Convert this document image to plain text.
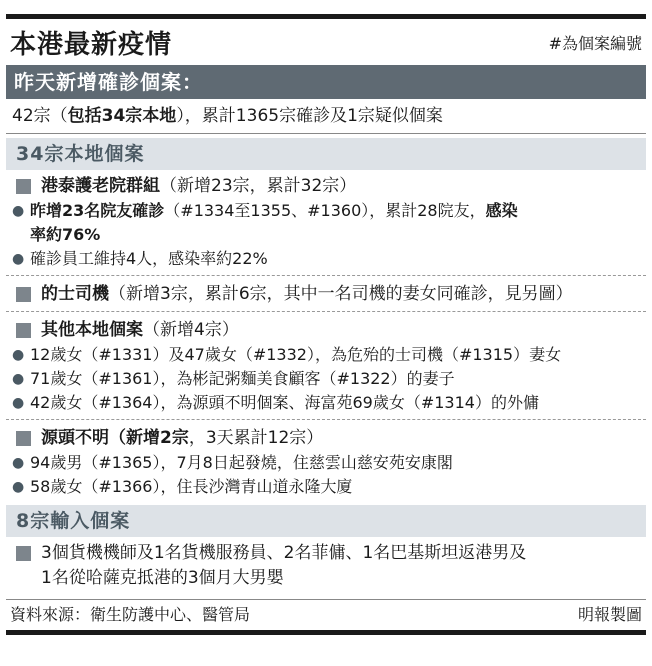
本港最新疫情	#為個案編號
昨天新增確診個案：
42宗（包括34宗本地），累計1365宗確診及1宗疑似個案
34宗本地個案
港泰護老院群組 （新增23宗，累計32宗）
● 昨增23名院友確診（#1334至1355、#1360），累計28院友，感染
率約76%
● 確診員工維持4人，感染率約22%
的士司機 （新增3宗，累計6宗，其中一名司機的妻女同確診，見另圖）
其他本地個案 （新增4宗）
● 12歲女（#1331）及47歲女（#1332），為危殆的士司機（#1315）妻女
● 71歲女（#1361），為彬記粥麵美食顧客（#1322）的妻子
● 42歲女（#1364），為源頭不明個案、海富苑69歲女（#1314）的外傭
源頭不明 （新增2宗 ，3天累計12宗）
● 94歲男（#1365），7月8日起發燒，住慈雲山慈安苑安康閣
● 58歲女（#1366），住長沙灣青山道永隆大廈
8宗輸入個案
3個貨機機師及1名貨機服務員、2名菲傭、1名巴基斯坦返港男及
1名從哈薩克抵港的3個月大男嬰
資料來源：衛生防護中心、醫管局	明報製圖
